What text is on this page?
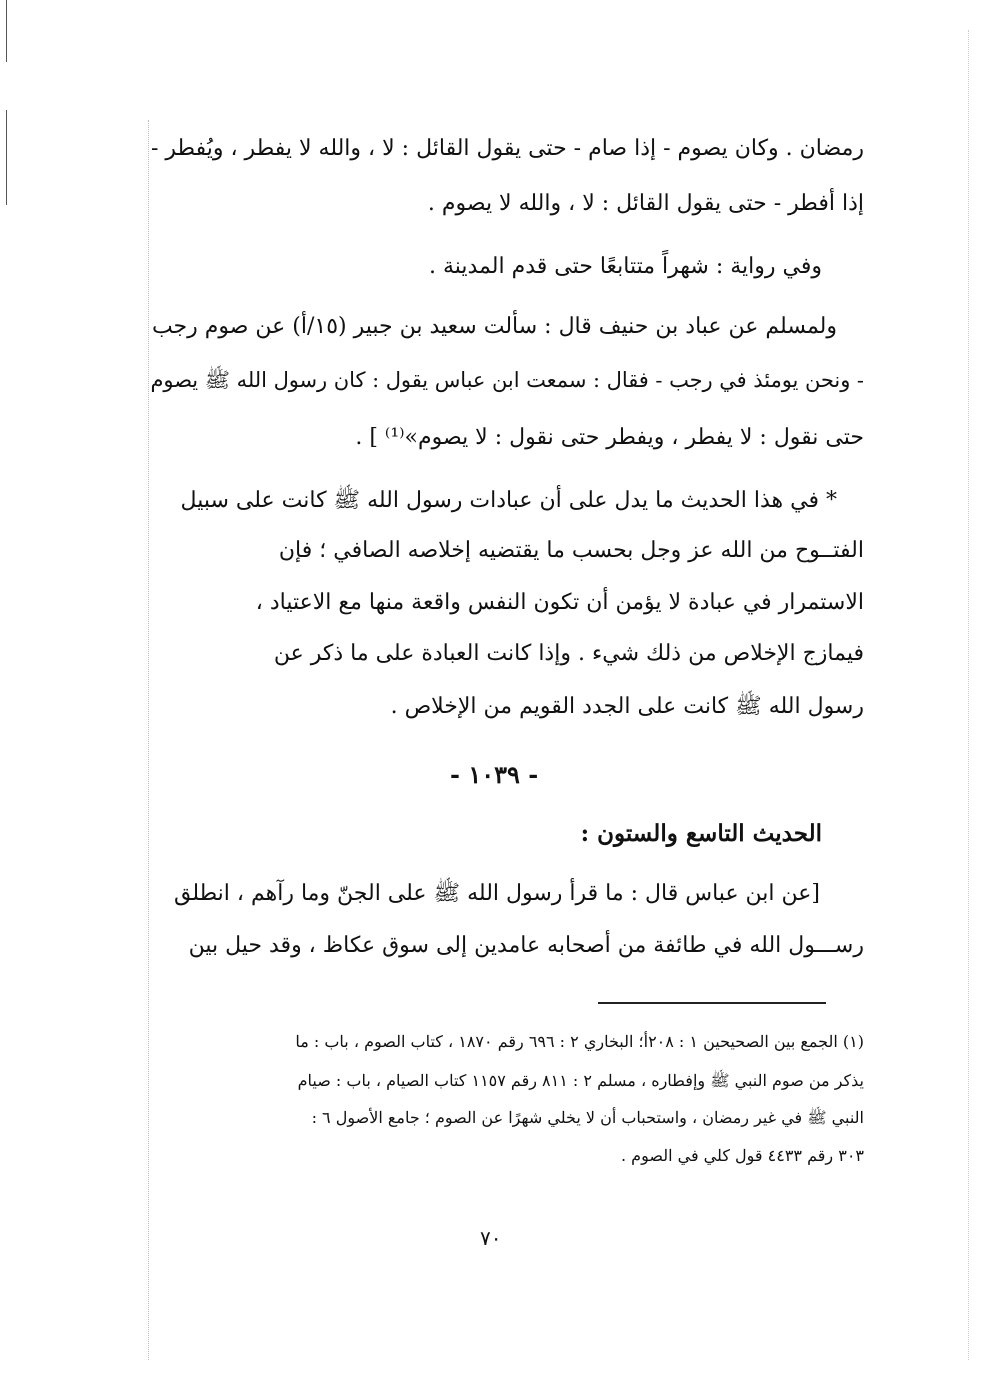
رمضان . وكان يصوم - إذا صام - حتى يقول القائل : لا ، والله لا يفطر ، ويُفطر -
إذا أفطر - حتى يقول القائل : لا ، والله لا يصوم .
وفي رواية : شهراً متتابعًا حتى قدم المدينة .
ولمسلم عن عباد بن حنيف قال : سألت سعيد بن جبير (١٥/أ) عن صوم رجب
- ونحن يومئذ في رجب - فقال : سمعت ابن عباس يقول : كان رسول الله ﷺ يصوم
حتى نقول : لا يفطر ، ويفطر حتى نقول : لا يصوم»⁽¹⁾ ] .
* في هذا الحديث ما يدل على أن عبادات رسول الله ﷺ كانت على سبيل
الفتــوح من الله عز وجل بحسب ما يقتضيه إخلاصه الصافي ؛ فإن
الاستمرار في عبادة لا يؤمن أن تكون النفس واقعة منها مع الاعتياد ،
فيمازج الإخلاص من ذلك شيء . وإذا كانت العبادة على ما ذكر عن
رسول الله ﷺ كانت على الجدد القويم من الإخلاص .
- ١٠٣٩ -
الحديث التاسع والستون :
[عن ابن عباس قال : ما قرأ رسول الله ﷺ على الجنّ وما رآهم ، انطلق
رســـول الله في طائفة من أصحابه عامدين إلى سوق عكاظ ، وقد حيل بين
(١) الجمع بين الصحيحين ١ : ٢٠٨أ؛ البخاري ٢ : ٦٩٦ رقم ١٨٧٠ ، كتاب الصوم ، باب : ما
يذكر من صوم النبي ﷺ وإفطاره ، مسلم ٢ : ٨١١ رقم ١١٥٧ كتاب الصيام ، باب : صيام
النبي ﷺ في غير رمضان ، واستحباب أن لا يخلي شهرًا عن الصوم ؛ جامع الأصول ٦ :
٣٠٣ رقم ٤٤٣٣ قول كلي في الصوم .
٧٠
